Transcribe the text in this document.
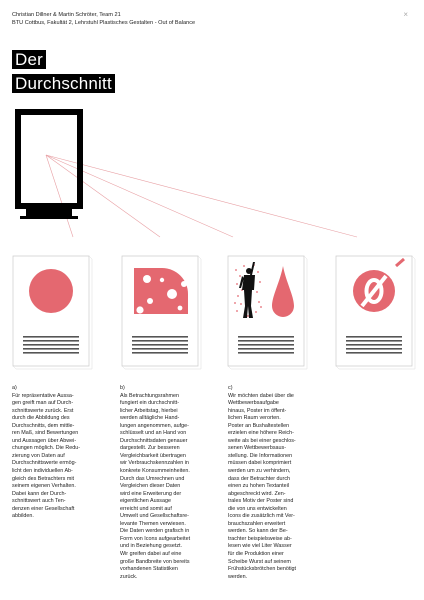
Christian Dillner & Martin Schröter, Team 21
BTU Cottbus, Fakultät 2, Lehrstuhl Plastisches Gestalten - Out of Balance
×
Der
Durchschnitt
a)
Für repräsentative Aussa-
gen greift man auf Durch-
schnittswerte zurück. Erst
durch die Abbildung des
Durchschnitts, dem mittle-
ren Maß, sind Bewertungen
und Aussagen über Abwei-
chungen möglich. Die Redu-
zierung von Daten auf
Durchschnittswerte ermög-
licht den individuellen Ab-
gleich des Betrachters mit
seinem eigenen Verhalten.
Dabei kann der Durch-
schnittswert auch Ten-
denzen einer Gesellschaft
abbilden.
b)
Als Betrachtungsrahmen
fungiert ein durchschnitt-
licher Arbeitstag, hierbei
werden alltägliche Hand-
lungen angenommen, aufge-
schlüsselt und an Hand von
Durchschnittsdaten genauer
dargestellt. Zur besseren
Vergleichbarkeit übertragen
wir Verbrauchskennzahlen in
konkrete Konsummeinheiten.
Durch das Umrechnen und
Vergleichen dieser Daten
wird eine Erweiterung der
eigentlichen Aussage
erreicht und somit auf
Umwelt und Gesellschaftsre-
levante Themen verwiesen.
Die Daten werden grafisch in
Form von Icons aufgearbeitet
und in Beziehung gesetzt.
Wir greifen dabei auf eine
große Bandbreite von bereits
vorhandenen Statistiken
zurück.
c)
Wir möchten dabei über die
Wettbewerbsaufgabe
hinaus, Poster im öffent-
lichen Raum verorten.
Poster an Bushaltestellen
erzielen eine höhere Reich-
weite als bei einer geschlos-
senen Wettbewerbsaus-
stellung. Die Informationen
müssen dabei komprimiert
werden um zu verhindern,
dass der Betrachter durch
einen zu hohen Textanteil
abgeschreckt wird. Zen-
trales Motiv der Poster sind
die von uns entwickelten
Icons die zusätzlich mit Ver-
brauchszahlen erweitert
werden. So kann der Be-
trachter beispielsweise ab-
lesen wie viel Liter Wasser
für die Produktion einer
Scheibe Wurst auf seinem
Frühstücksbrötchen benötigt
werden.
